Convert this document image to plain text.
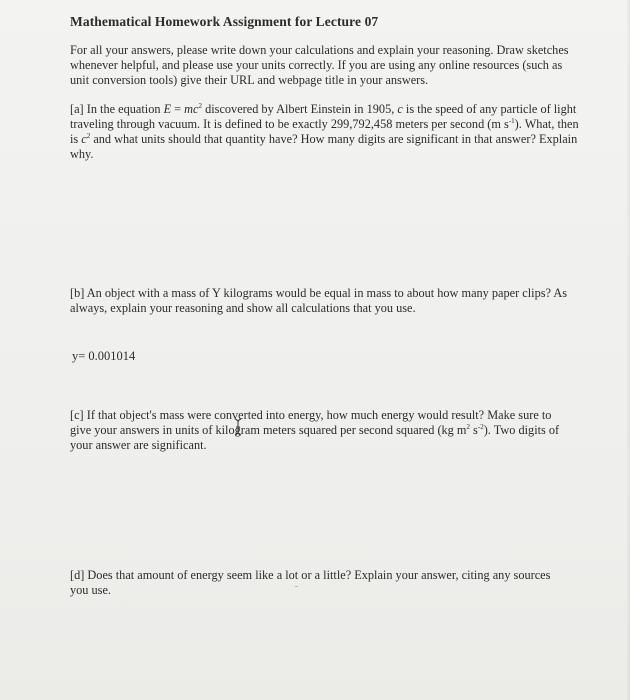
Mathematical Homework Assignment for Lecture 07

For all your answers, please write down your calculations and explain your reasoning. Draw sketches whenever helpful, and please use your units correctly. If you are using any online resources (such as unit conversion tools) give their URL and webpage title in your answers.

[a] In the equation $E = mc^2$ discovered by Albert Einstein in 1905, c is the speed of any particle of light traveling through vacuum. It is defined to be exactly 299,792,458 meters per second (m $s^{-1}$). What, then is $c^2$ and what units should that quantity have? How many digits are significant in that answer? Explain why.

[b] An object with a mass of Y kilograms would be equal in mass to about how many paper clips? As always, explain your reasoning and show all calculations that you use.

y= 0.001014

[c] If that object's mass were converted into energy, how much energy would result? Make sure to give your answers in units of kilogram meters squared per second squared (kg $m^2$ $s^{-2}$). Two digits of your answer are significant.

[d] Does that amount of energy seem like a lot or a little? Explain your answer, citing any sources you use.
